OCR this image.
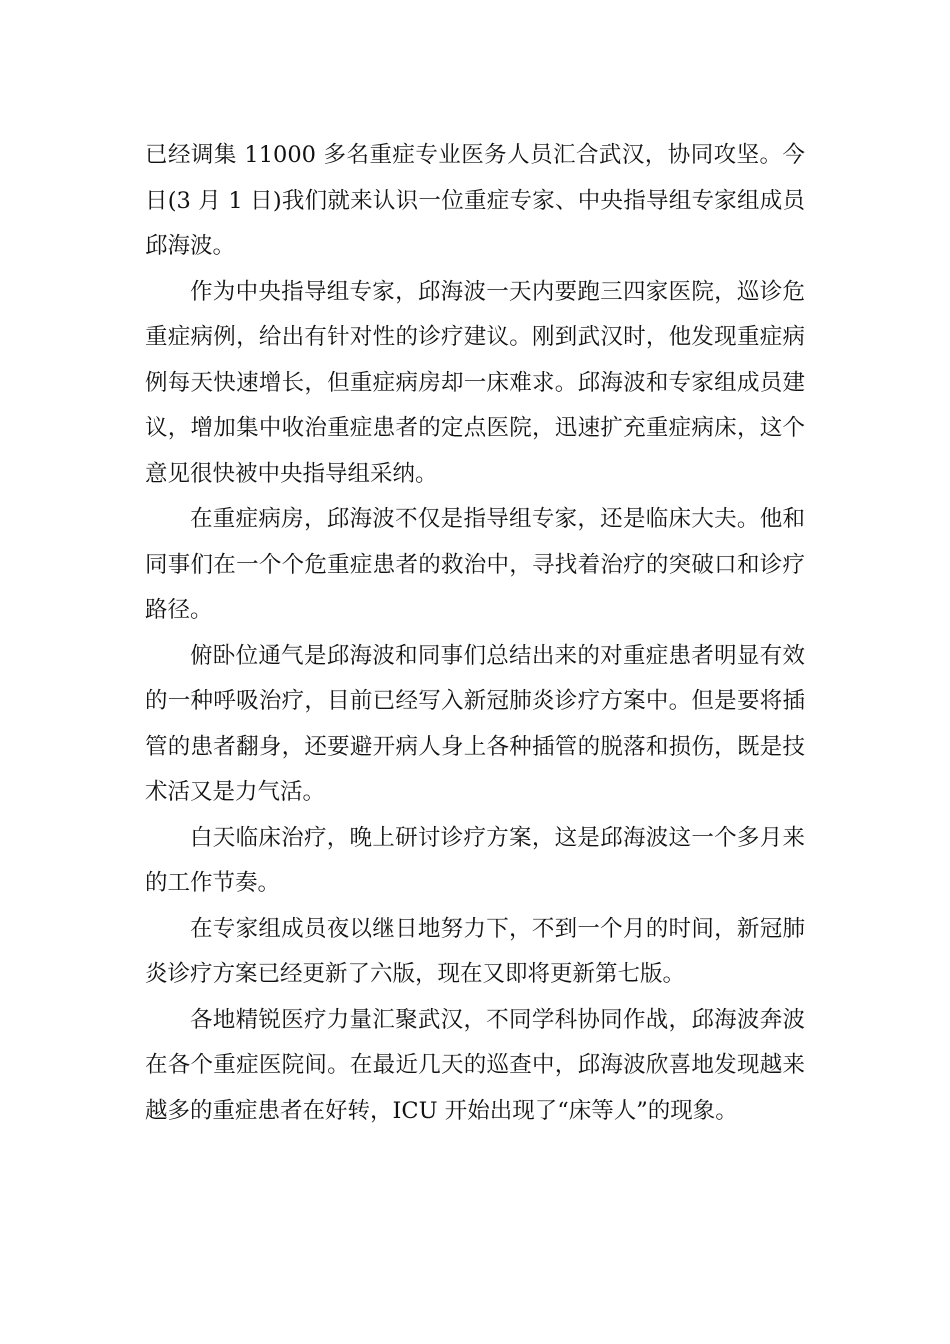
已经调集 11000 多名重症专业医务人员汇合武汉，协同攻坚。今日(3 月 1 日)我们就来认识一位重症专家、中央指导组专家组成员邱海波。

作为中央指导组专家，邱海波一天内要跑三四家医院，巡诊危重症病例，给出有针对性的诊疗建议。刚到武汉时，他发现重症病例每天快速增长，但重症病房却一床难求。邱海波和专家组成员建议，增加集中收治重症患者的定点医院，迅速扩充重症病床，这个意见很快被中央指导组采纳。

在重症病房，邱海波不仅是指导组专家，还是临床大夫。他和同事们在一个个危重症患者的救治中，寻找着治疗的突破口和诊疗路径。

俯卧位通气是邱海波和同事们总结出来的对重症患者明显有效的一种呼吸治疗，目前已经写入新冠肺炎诊疗方案中。但是要将插管的患者翻身，还要避开病人身上各种插管的脱落和损伤，既是技术活又是力气活。

白天临床治疗，晚上研讨诊疗方案，这是邱海波这一个多月来的工作节奏。

在专家组成员夜以继日地努力下，不到一个月的时间，新冠肺炎诊疗方案已经更新了六版，现在又即将更新第七版。

各地精锐医疗力量汇聚武汉，不同学科协同作战，邱海波奔波在各个重症医院间。在最近几天的巡查中，邱海波欣喜地发现越来越多的重症患者在好转，ICU 开始出现了“床等人”的现象。
